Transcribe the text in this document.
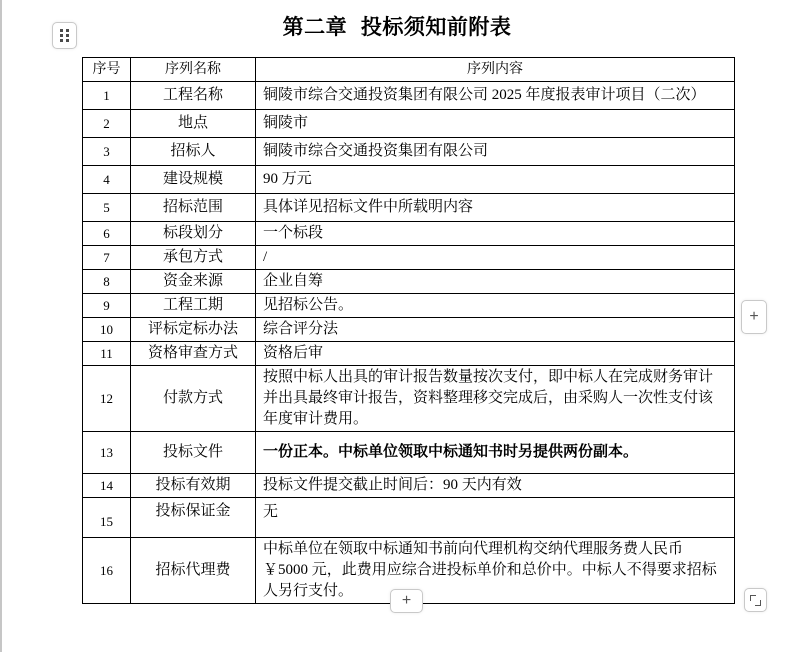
第二章 投标须知前附表
序号	序列名称	序列内容
1	工程名称	铜陵市综合交通投资集团有限公司 2025 年度报表审计项目（二次）
2	地点	铜陵市
3	招标人	铜陵市综合交通投资集团有限公司
4	建设规模	90 万元
5	招标范围	具体详见招标文件中所载明内容
6	标段划分	一个标段
7	承包方式	/
8	资金来源	企业自筹
9	工程工期	见招标公告。
10	评标定标办法	综合评分法
11	资格审查方式	资格后审
12	付款方式	按照中标人出具的审计报告数量按次支付，即中标人在完成财务审计并出具最终审计报告，资料整理移交完成后，由采购人一次性支付该年度审计费用。
13	投标文件	一份正本。中标单位领取中标通知书时另提供两份副本。
14	投标有效期	投标文件提交截止时间后：90 天内有效
15	投标保证金	无
16	招标代理费	中标单位在领取中标通知书前向代理机构交纳代理服务费人民币￥5000 元，此费用应综合进投标单价和总价中。中标人不得要求招标人另行支付。
+
+
